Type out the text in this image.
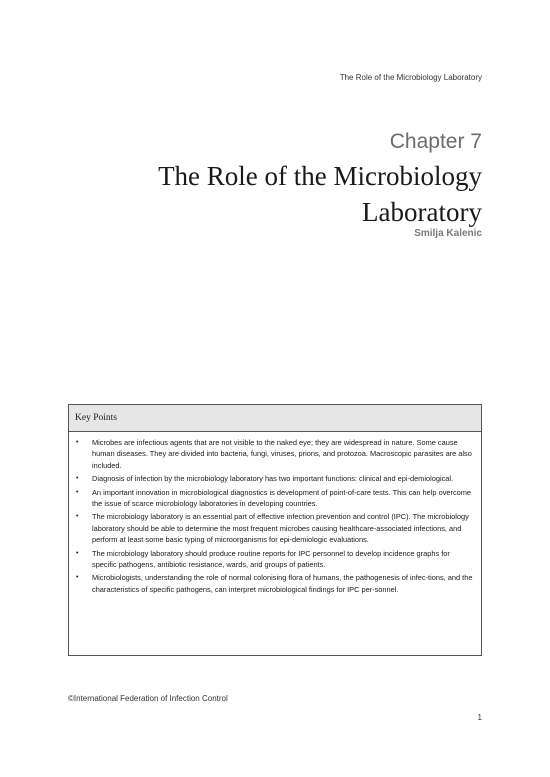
The Role of the Microbiology Laboratory
Chapter 7
The Role of the Microbiology
Laboratory
Smilja Kalenic
Key Points
• Microbes are infectious agents that are not visible to the naked eye; they are widespread in nature. Some cause human diseases. They are divided into bacteria, fungi, viruses, prions, and protozoa. Macroscopic parasites are also included.
• Diagnosis of infection by the microbiology laboratory has two important functions: clinical and epi-demiological.
• An important innovation in microbiological diagnostics is development of point-of-care tests. This can help overcome the issue of scarce microbiology laboratories in developing countries.
• The microbiology laboratory is an essential part of effective infection prevention and control (IPC). The microbiology laboratory should be able to determine the most frequent microbes causing healthcare-associated infections, and perform at least some basic typing of microorganisms for epi-demiologic evaluations.
• The microbiology laboratory should produce routine reports for IPC personnel to develop incidence graphs for specific pathogens, antibiotic resistance, wards, and groups of patients.
• Microbiologists, understanding the role of normal colonising flora of humans, the pathogenesis of infec-tions, and the characteristics of specific pathogens, can interpret microbiological findings for IPC per-sonnel.
©International Federation of Infection Control
1
